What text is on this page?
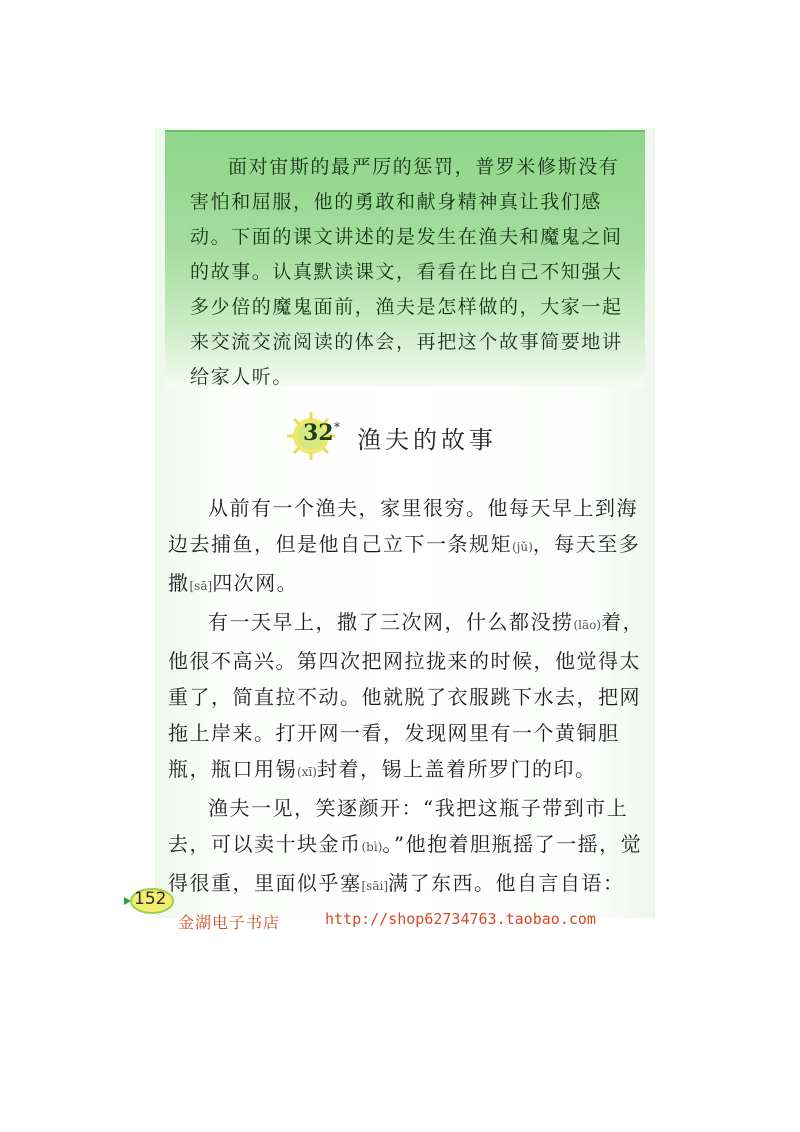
面对宙斯的最严厉的惩罚，普罗米修斯没有害怕和屈服，他的勇敢和献身精神真让我们感动。下面的课文讲述的是发生在渔夫和魔鬼之间的故事。认真默读课文，看看在比自己不知强大多少倍的魔鬼面前，渔夫是怎样做的，大家一起来交流交流阅读的体会，再把这个故事简要地讲给家人听。

32 * 渔夫的故事

从前有一个渔夫，家里很穷。他每天早上到海边去捕鱼，但是他自己立下一条规矩(jǔ)，每天至多撒[sā]四次网。

有一天早上，撒了三次网，什么都没捞(lāo)着，他很不高兴。第四次把网拉拢来的时候，他觉得太重了，简直拉不动。他就脱了衣服跳下水去，把网拖上岸来。打开网一看，发现网里有一个黄铜胆瓶，瓶口用锡(xī)封着，锡上盖着所罗门的印。

渔夫一见，笑逐颜开：“我把这瓶子带到市上去，可以卖十块金币(bì)。”他抱着胆瓶摇了一摇，觉得很重，里面似乎塞[sāi]满了东西。他自言自语：

152
金湖电子书店	http://shop62734763.taobao.com
